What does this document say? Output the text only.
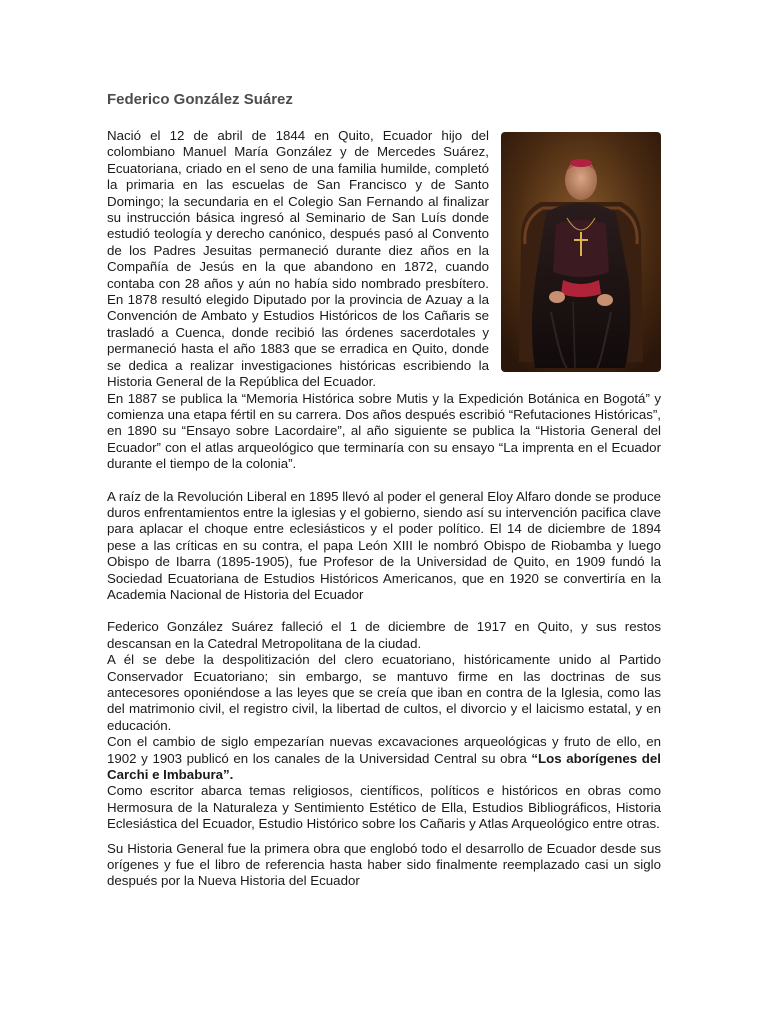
Federico González Suárez

Nació el 12 de abril de 1844 en Quito, Ecuador hijo del colombiano Manuel María González y de Mercedes Suárez, Ecuatoriana, criado en el seno de una familia humilde, completó la primaria en las escuelas de San Francisco y de Santo Domingo; la secundaria en el Colegio San Fernando al finalizar su instrucción básica ingresó al Seminario de San Luís donde estudió teología y derecho canónico, después pasó al Convento de los Padres Jesuitas permaneció durante diez años en la Compañía de Jesús en la que abandono en 1872, cuando contaba con 28 años y aún no había sido nombrado presbítero. En 1878 resultó elegido Diputado por la provincia de Azuay a la Convención de Ambato y Estudios Históricos de los Cañaris se trasladó a Cuenca, donde recibió las órdenes sacerdotales y permaneció hasta el año 1883 que se erradica en Quito, donde se dedica a realizar investigaciones históricas escribiendo la Historia General de la República del Ecuador.

En 1887 se publica la “Memoria Histórica sobre Mutis y la Expedición Botánica en Bogotá” y comienza una etapa fértil en su carrera. Dos años después escribió “Refutaciones Históricas”, en 1890 su “Ensayo sobre Lacordaire”, al año siguiente se publica la “Historia General del Ecuador” con el atlas arqueológico que terminaría con su ensayo “La imprenta en el Ecuador durante el tiempo de la colonia”.

A raíz de la Revolución Liberal en 1895 llevó al poder el general Eloy Alfaro donde se produce duros enfrentamientos entre la iglesias y el gobierno, siendo así su intervención pacifica clave para aplacar el choque entre eclesiásticos y el poder político. El 14 de diciembre de 1894 pese a las críticas en su contra, el papa León XIII le nombró Obispo de Riobamba y luego Obispo de Ibarra (1895-1905), fue Profesor de la Universidad de Quito, en 1909 fundó la Sociedad Ecuatoriana de Estudios Históricos Americanos, que en 1920 se convertiría en la Academia Nacional de Historia del Ecuador

Federico González Suárez falleció el 1 de diciembre de 1917 en Quito, y sus restos descansan en la Catedral Metropolitana de la ciudad.

A él se debe la despolitización del clero ecuatoriano, históricamente unido al Partido Conservador Ecuatoriano; sin embargo, se mantuvo firme en las doctrinas de sus antecesores oponiéndose a las leyes que se creía que iban en contra de la Iglesia, como las del matrimonio civil, el registro civil, la libertad de cultos, el divorcio y el laicismo estatal, y en educación.

Con el cambio de siglo empezarían nuevas excavaciones arqueológicas y fruto de ello, en 1902 y 1903 publicó en los canales de la Universidad Central su obra “Los aborígenes del Carchi e Imbabura”.

Como escritor abarca temas religiosos, científicos, políticos e históricos en obras como Hermosura de la Naturaleza y Sentimiento Estético de Ella, Estudios Bibliográficos, Historia Eclesiástica del Ecuador, Estudio Histórico sobre los Cañaris y Atlas Arqueológico entre otras.

Su Historia General fue la primera obra que englobó todo el desarrollo de Ecuador desde sus orígenes y fue el libro de referencia hasta haber sido finalmente reemplazado casi un siglo después por la Nueva Historia del Ecuador
